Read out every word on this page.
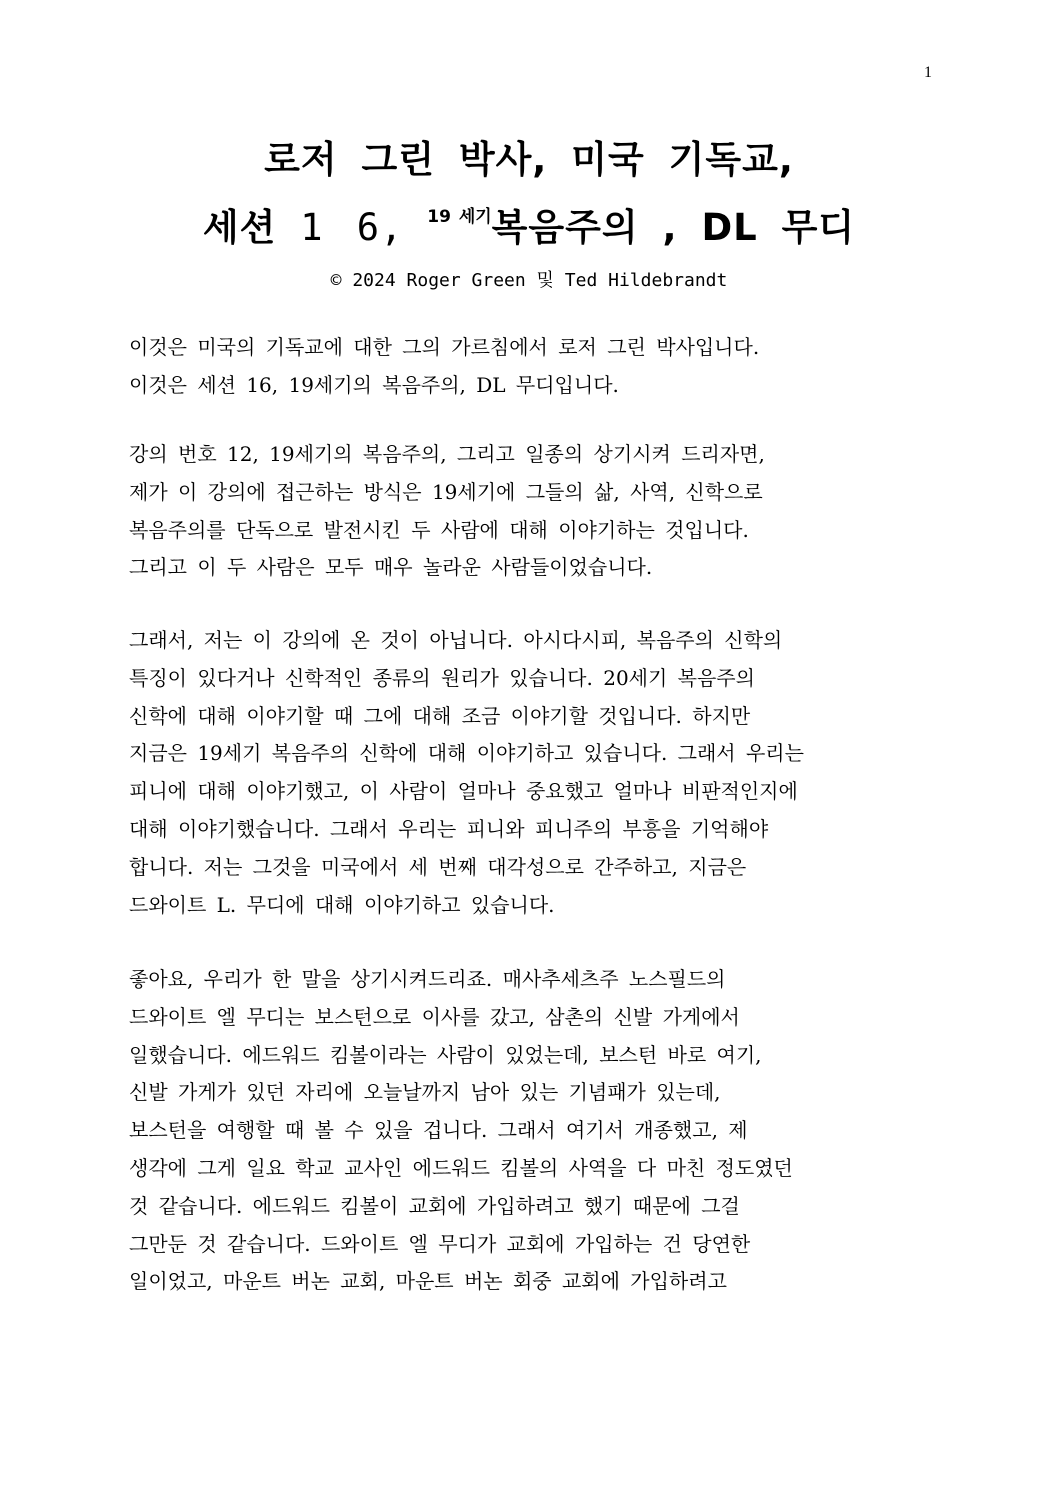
1
로저 그린 박사, 미국 기독교,
세션 1 6, $^{19 세기}$복음주의 , DL 무디
© 2024 Roger Green 및 Ted Hildebrandt

이것은 미국의 기독교에 대한 그의 가르침에서 로저 그린 박사입니다.
이것은 세션 16, 19세기의 복음주의, DL 무디입니다.

강의 번호 12, 19세기의 복음주의, 그리고 일종의 상기시켜 드리자면,
제가 이 강의에 접근하는 방식은 19세기에 그들의 삶, 사역, 신학으로
복음주의를 단독으로 발전시킨 두 사람에 대해 이야기하는 것입니다.
그리고 이 두 사람은 모두 매우 놀라운 사람들이었습니다.

그래서, 저는 이 강의에 온 것이 아닙니다. 아시다시피, 복음주의 신학의
특징이 있다거나 신학적인 종류의 원리가 있습니다. 20세기 복음주의
신학에 대해 이야기할 때 그에 대해 조금 이야기할 것입니다. 하지만
지금은 19세기 복음주의 신학에 대해 이야기하고 있습니다. 그래서 우리는
피니에 대해 이야기했고, 이 사람이 얼마나 중요했고 얼마나 비판적인지에
대해 이야기했습니다. 그래서 우리는 피니와 피니주의 부흥을 기억해야
합니다. 저는 그것을 미국에서 세 번째 대각성으로 간주하고, 지금은
드와이트 L. 무디에 대해 이야기하고 있습니다.

좋아요, 우리가 한 말을 상기시켜드리죠. 매사추세츠주 노스필드의
드와이트 엘 무디는 보스턴으로 이사를 갔고, 삼촌의 신발 가게에서
일했습니다. 에드워드 킴볼이라는 사람이 있었는데, 보스턴 바로 여기,
신발 가게가 있던 자리에 오늘날까지 남아 있는 기념패가 있는데,
보스턴을 여행할 때 볼 수 있을 겁니다. 그래서 여기서 개종했고, 제
생각에 그게 일요 학교 교사인 에드워드 킴볼의 사역을 다 마친 정도였던
것 같습니다. 에드워드 킴볼이 교회에 가입하려고 했기 때문에 그걸
그만둔 것 같습니다. 드와이트 엘 무디가 교회에 가입하는 건 당연한
일이었고, 마운트 버논 교회, 마운트 버논 회중 교회에 가입하려고
